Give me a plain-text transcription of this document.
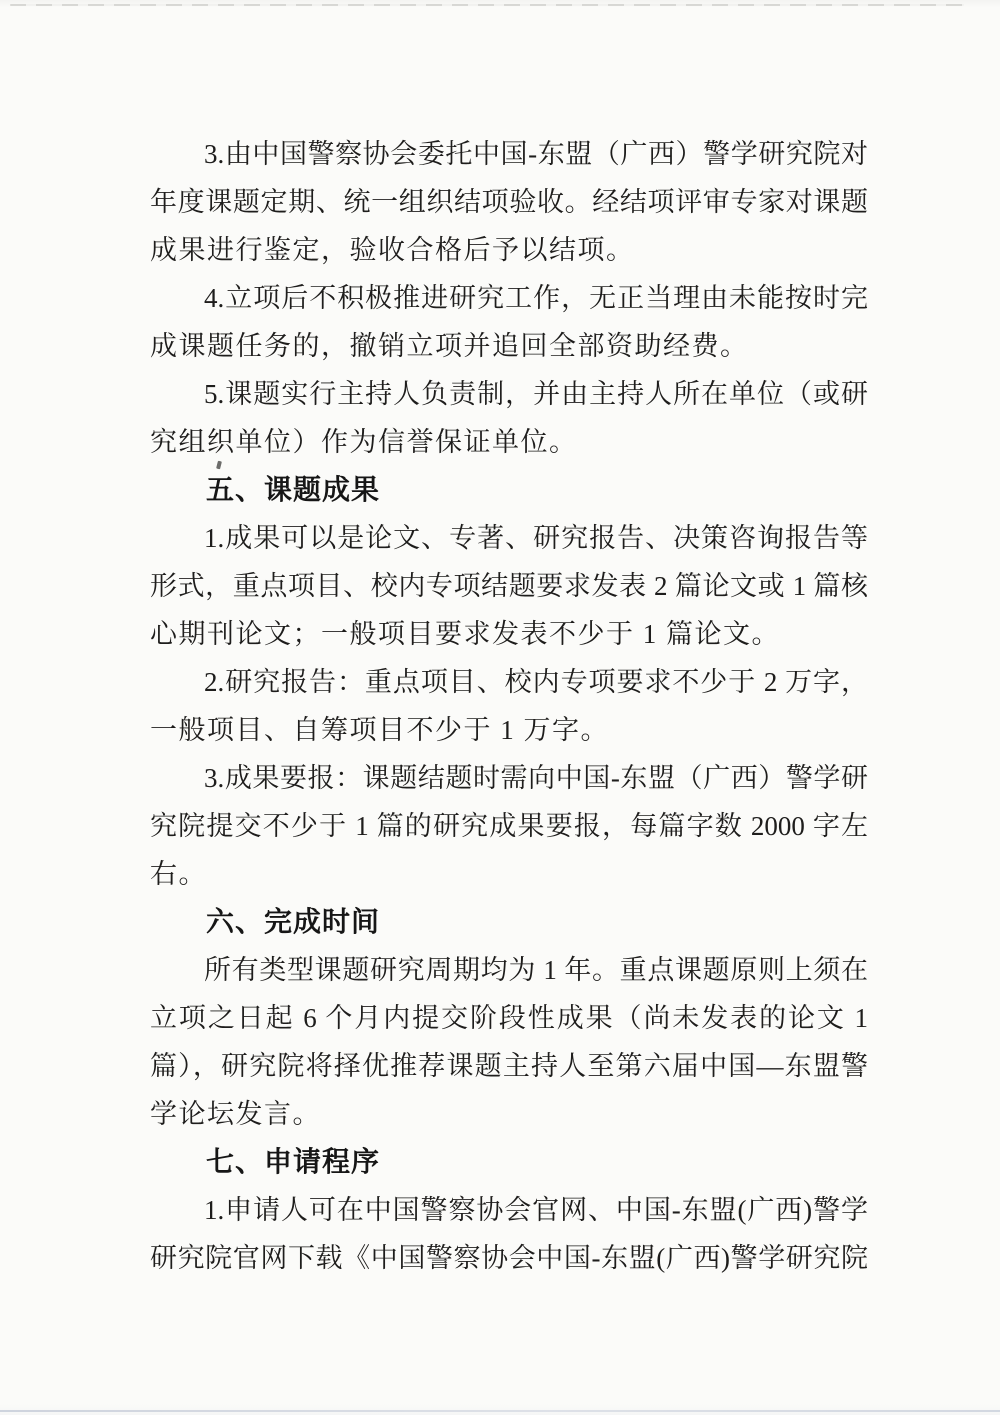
3.由中国警察协会委托中国-东盟（广西）警学研究院对
年度课题定期、统一组织结项验收。经结项评审专家对课题
成果进行鉴定，验收合格后予以结项。
4.立项后不积极推进研究工作，无正当理由未能按时完
成课题任务的，撤销立项并追回全部资助经费。
5.课题实行主持人负责制，并由主持人所在单位（或研
究组织单位）作为信誉保证单位。
五、课题成果
1.成果可以是论文、专著、研究报告、决策咨询报告等
形式，重点项目、校内专项结题要求发表 2 篇论文或 1 篇核
心期刊论文；一般项目要求发表不少于 1 篇论文。
2.研究报告：重点项目、校内专项要求不少于 2 万字，
一般项目、自筹项目不少于 1 万字。
3.成果要报：课题结题时需向中国-东盟（广西）警学研
究院提交不少于 1 篇的研究成果要报，每篇字数 2000 字左
右。
六、完成时间
所有类型课题研究周期均为 1 年。重点课题原则上须在
立项之日起 6 个月内提交阶段性成果（尚未发表的论文 1
篇），研究院将择优推荐课题主持人至第六届中国—东盟警
学论坛发言。
七、申请程序
1.申请人可在中国警察协会官网、中国-东盟(广西)警学
研究院官网下载《中国警察协会中国-东盟(广西)警学研究院
